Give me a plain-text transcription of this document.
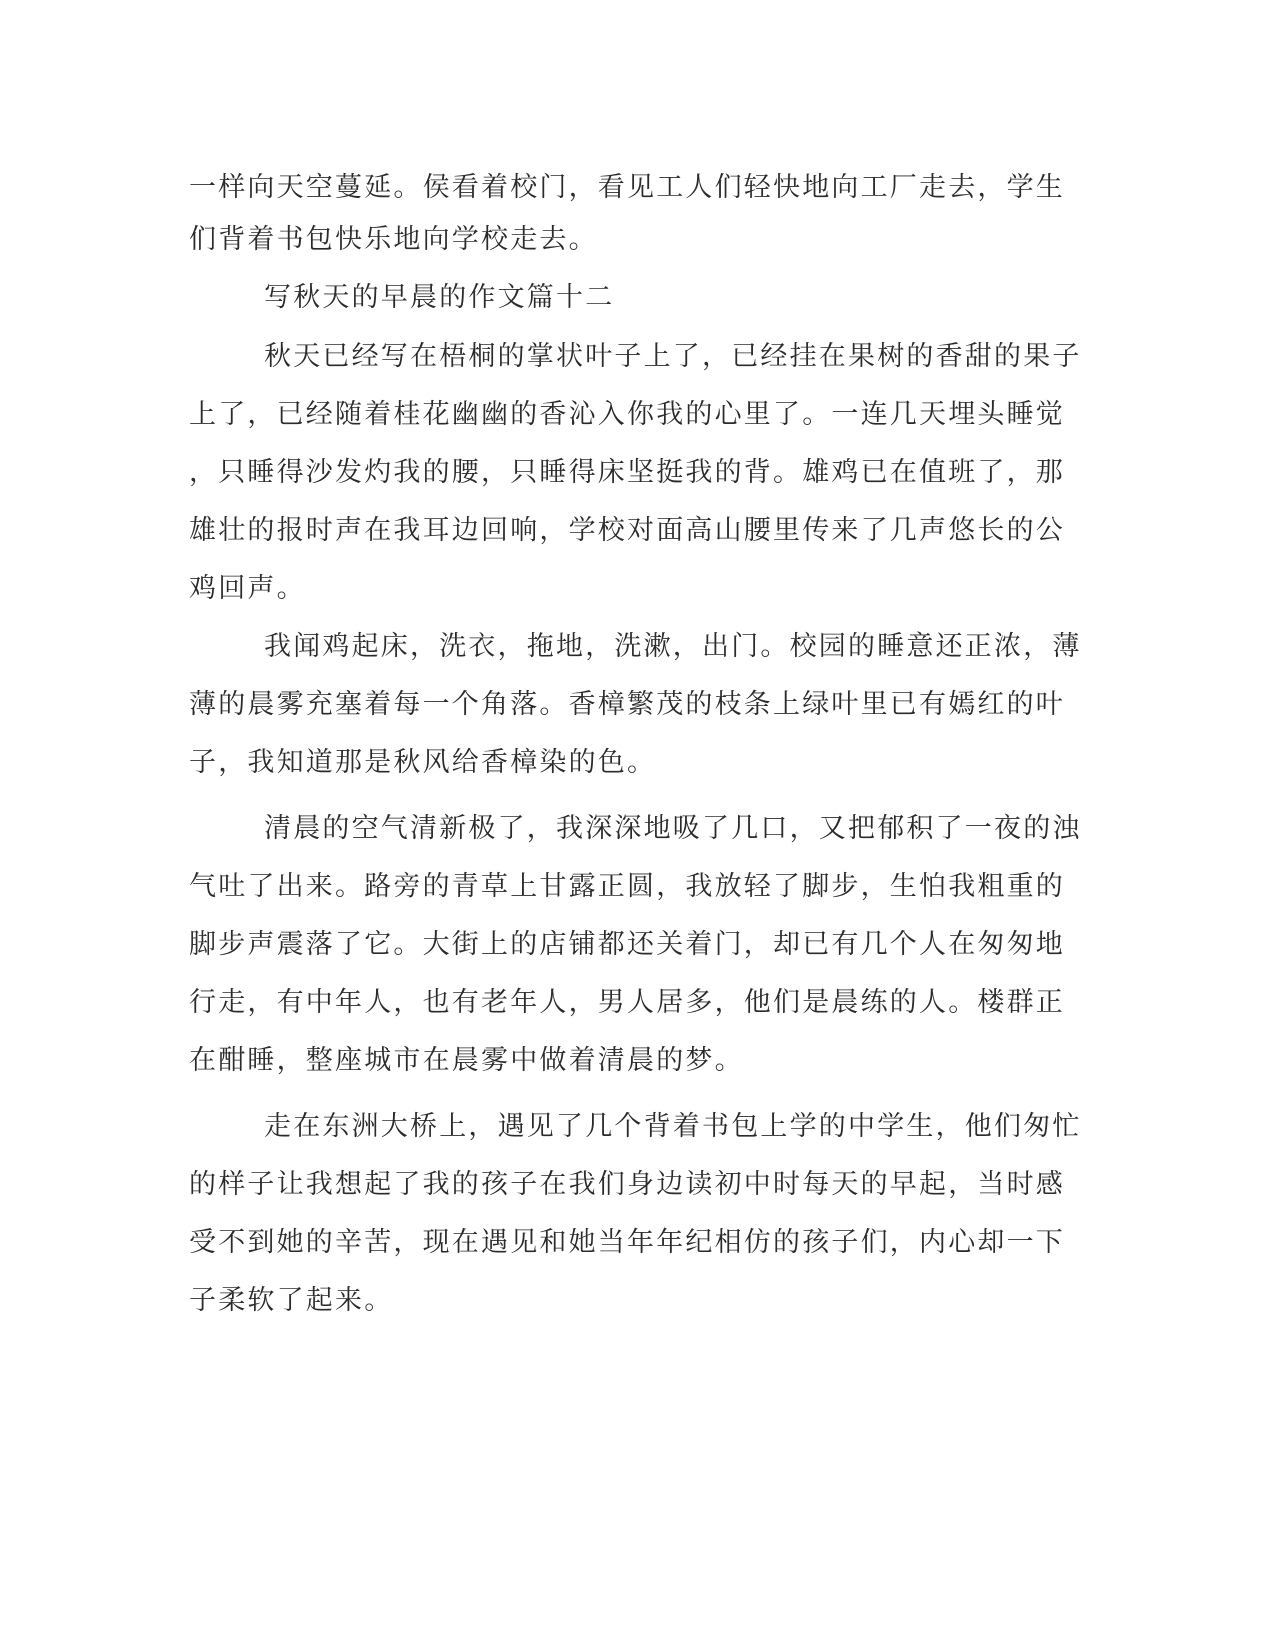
一样向天空蔓延。侯看着校门，看见工人们轻快地向工厂走去，学生
们背着书包快乐地向学校走去。
写秋天的早晨的作文篇十二
秋天已经写在梧桐的掌状叶子上了，已经挂在果树的香甜的果子
上了，已经随着桂花幽幽的香沁入你我的心里了。一连几天埋头睡觉
，只睡得沙发灼我的腰，只睡得床坚挺我的背。雄鸡已在值班了，那
雄壮的报时声在我耳边回响，学校对面高山腰里传来了几声悠长的公
鸡回声。
我闻鸡起床，洗衣，拖地，洗漱，出门。校园的睡意还正浓，薄
薄的晨雾充塞着每一个角落。香樟繁茂的枝条上绿叶里已有嫣红的叶
子，我知道那是秋风给香樟染的色。
清晨的空气清新极了，我深深地吸了几口，又把郁积了一夜的浊
气吐了出来。路旁的青草上甘露正圆，我放轻了脚步，生怕我粗重的
脚步声震落了它。大街上的店铺都还关着门，却已有几个人在匆匆地
行走，有中年人，也有老年人，男人居多，他们是晨练的人。楼群正
在酣睡，整座城市在晨雾中做着清晨的梦。
走在东洲大桥上，遇见了几个背着书包上学的中学生，他们匆忙
的样子让我想起了我的孩子在我们身边读初中时每天的早起，当时感
受不到她的辛苦，现在遇见和她当年年纪相仿的孩子们，内心却一下
子柔软了起来。
